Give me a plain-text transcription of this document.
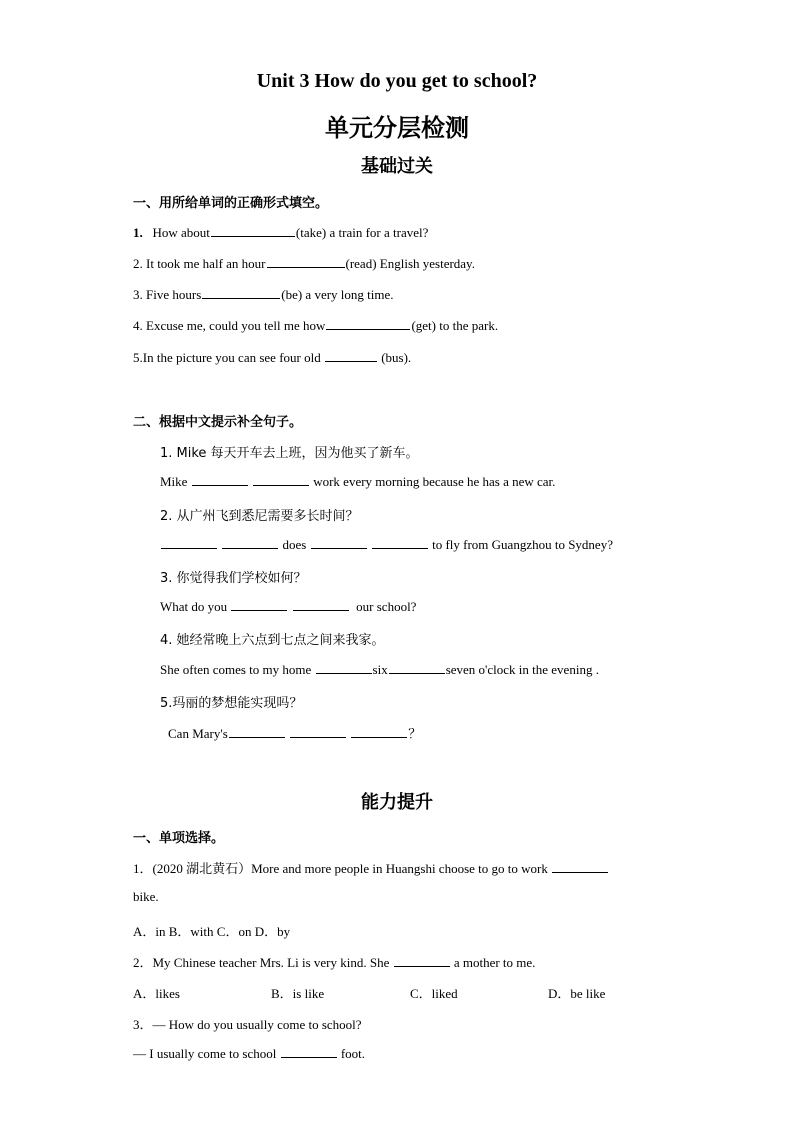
Unit 3 How do you get to school?
单元分层检测
基础过关
一、用所给单词的正确形式填空。
1. How about	(take) a train for a travel?
2. It took me half an hour	(read) English yesterday.
3. Five hours	(be) a very long time.
4. Excuse me, could you tell me how	(get) to the park.
5.In the picture you can see four old	(bus).
二、根据中文提示补全句子。
1. Mike 每天开车去上班，因为他买了新车。
Mike	work every morning because he has a new car.
2. 从广州飞到悉尼需要多长时间？
does	to fly from Guangzhou to Sydney?
3. 你觉得我们学校如何？
What do you	our school?
4. 她经常晚上六点到七点之间来我家。
She often comes to my home	six	seven o'clock in the evening .
5.玛丽的梦想能实现吗？
Can Mary's	？
能力提升
一、单项选择。
1．(2020 湖北黄石）More and more people in Huangshi choose to go to work
bike.
A．in B．with C．on D．by
2．My Chinese teacher Mrs. Li is very kind. She	a mother to me.
A．likes	B．is like	C．liked	D．be like
3．— How do you usually come to school?
— I usually come to school	foot.
